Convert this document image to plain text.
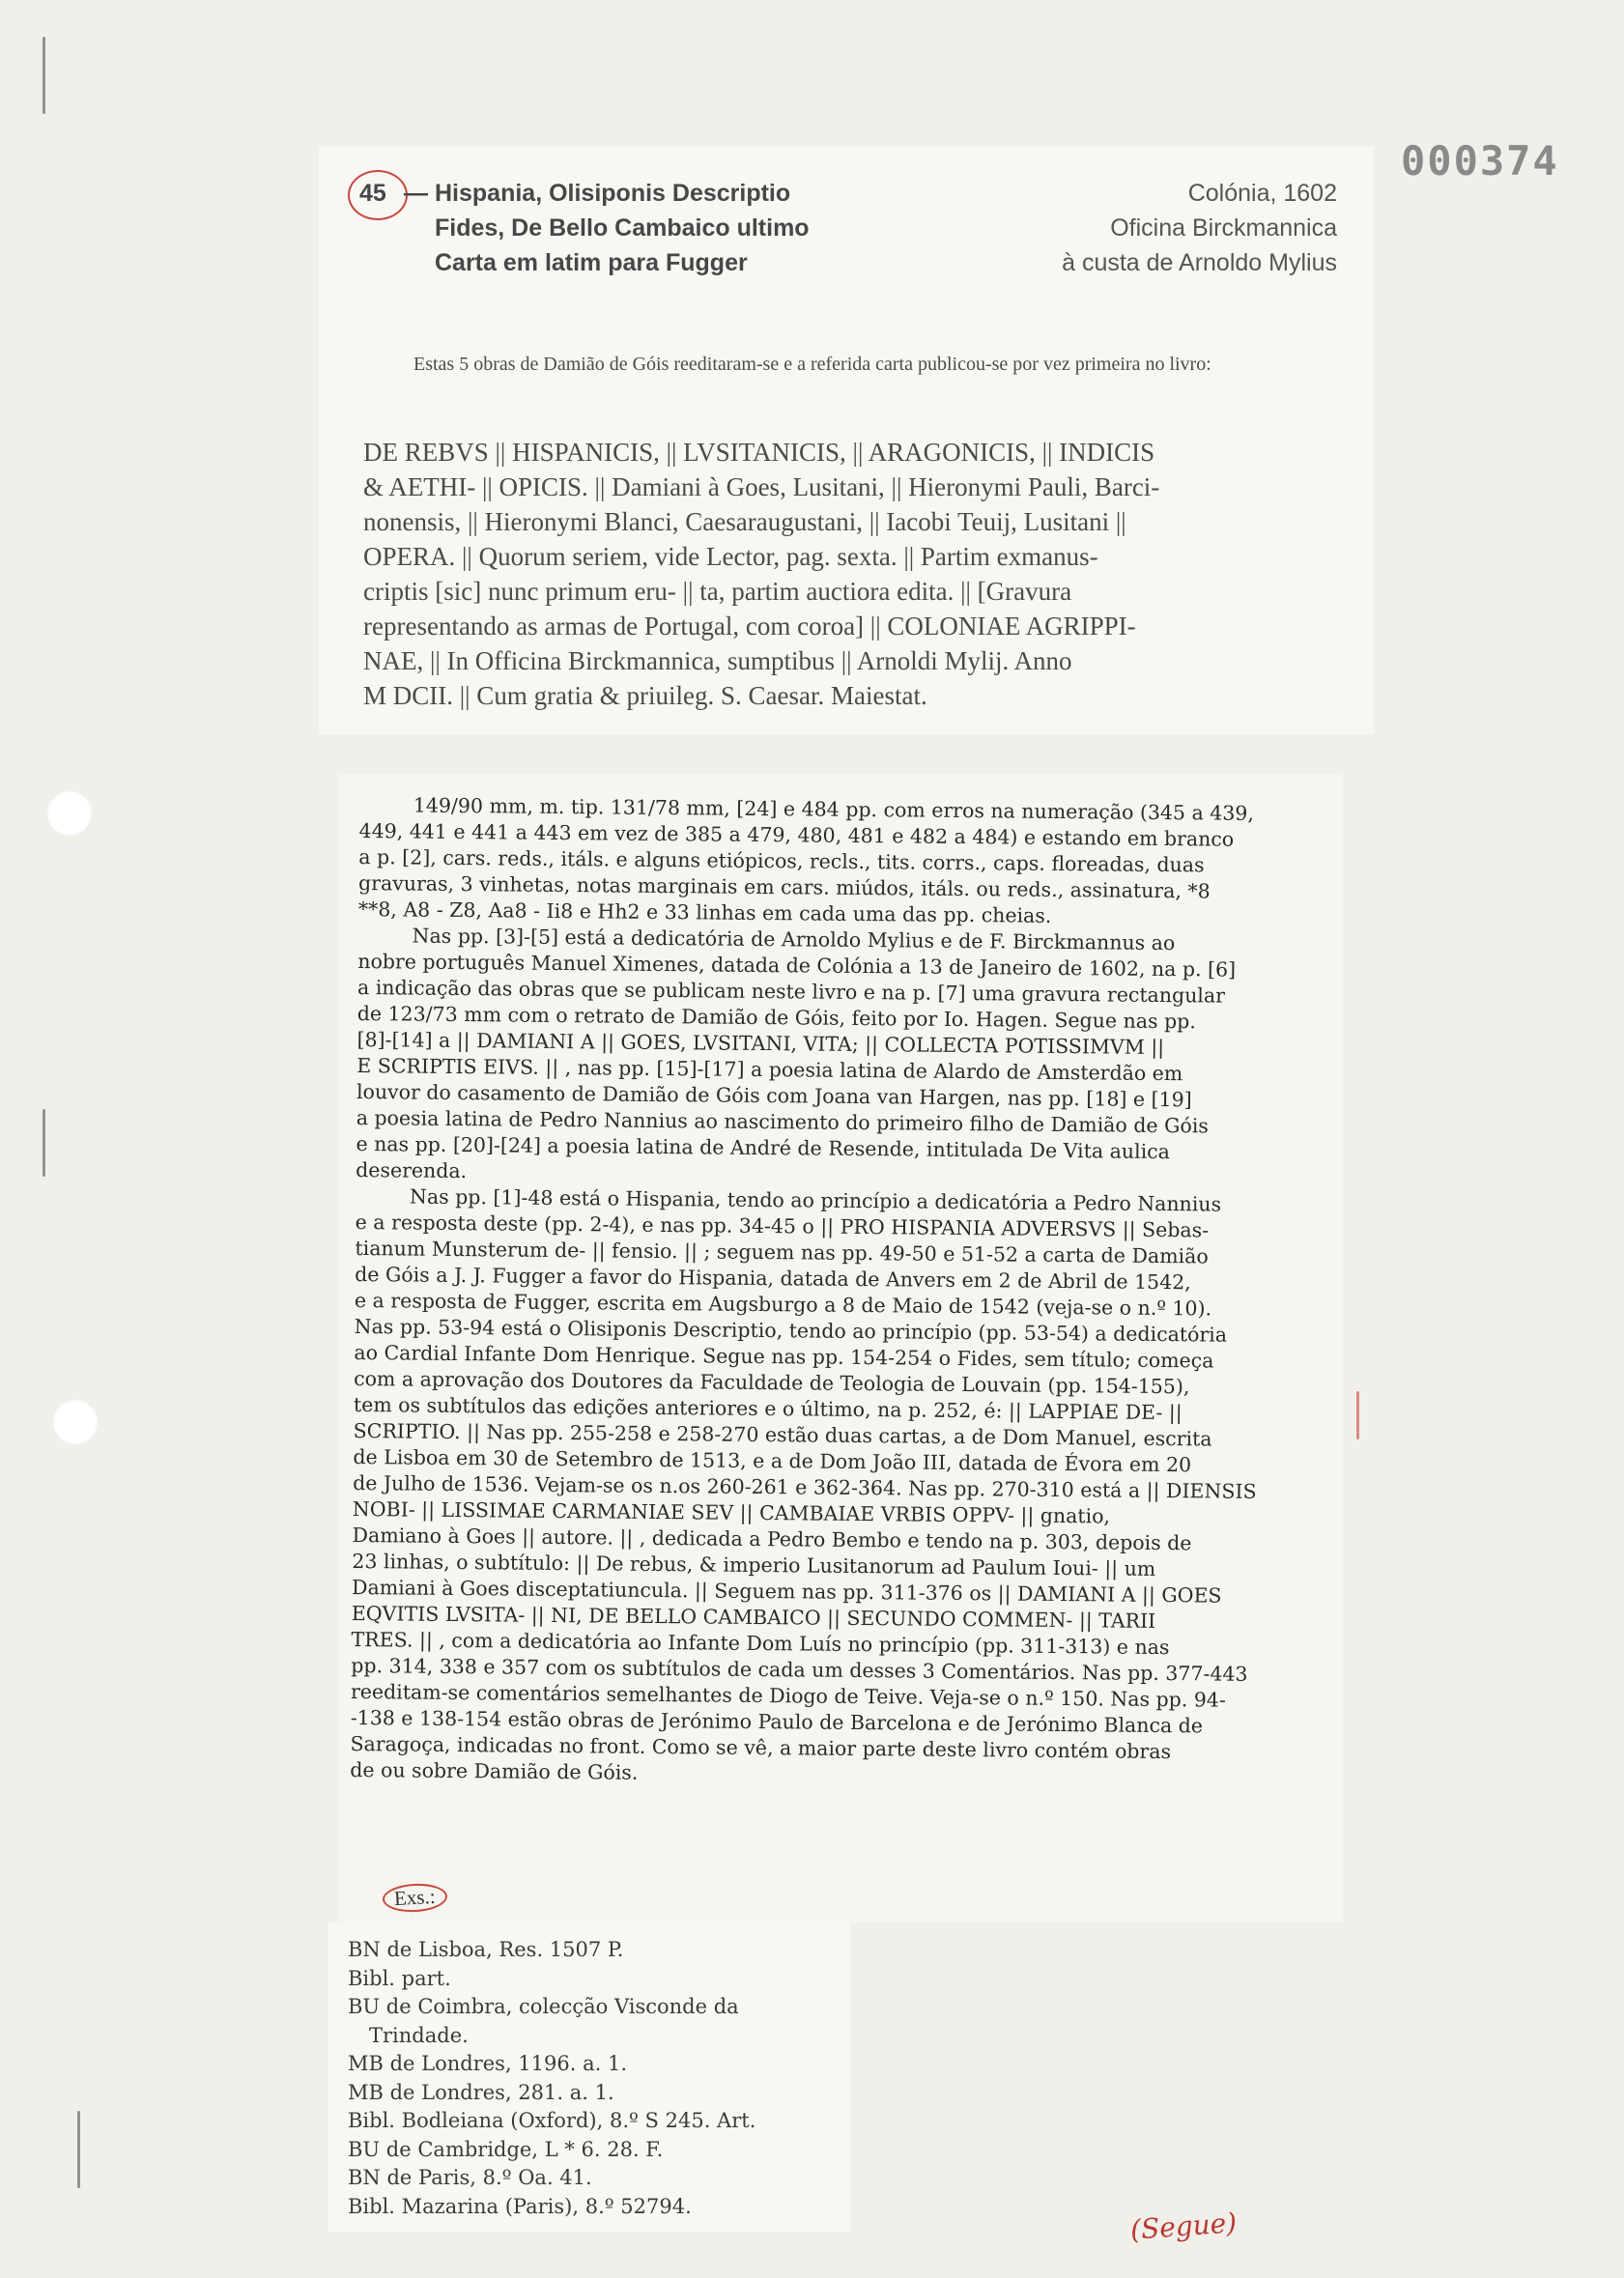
000374
45 — Hispania, Olisiponis Descriptio	Colónia, 1602
Fides, De Bello Cambaico ultimo	Oficina Birckmannica
Carta em latim para Fugger	à custa de Arnoldo Mylius
Estas 5 obras de Damião de Góis reeditaram-se e a referida carta publicou-se por vez primeira no livro:

DE REBVS || HISPANICIS, || LVSITANICIS, || ARAGONICIS, || INDICIS

& AETHI- || OPICIS. || Damiani à Goes, Lusitani, || Hieronymi Pauli, Barci-

nonensis, || Hieronymi Blanci, Caesaraugustani, || Iacobi Teuij, Lusitani ||

OPERA. || Quorum seriem, vide Lector, pag. sexta. || Partim exmanus-

criptis [sic] nunc primum eru- || ta, partim auctiora edita. || [Gravura

representando as armas de Portugal, com coroa] || COLONIAE AGRIPPI-

NAE, || In Officina Birckmannica, sumptibus || Arnoldi Mylij. Anno

M DCII. || Cum gratia & priuileg. S. Caesar. Maiestat.

149/90 mm, m. tip. 131/78 mm, [24] e 484 pp. com erros na numeração (345 a 439,

449, 441 e 441 a 443 em vez de 385 a 479, 480, 481 e 482 a 484) e estando em branco

a p. [2], cars. reds., itáls. e alguns etiópicos, recls., tits. corrs., caps. floreadas, duas

gravuras, 3 vinhetas, notas marginais em cars. miúdos, itáls. ou reds., assinatura, *8

**8, A8 - Z8, Aa8 - Ii8 e Hh2 e 33 linhas em cada uma das pp. cheias.

Nas pp. [3]-[5] está a dedicatória de Arnoldo Mylius e de F. Birckmannus ao

nobre português Manuel Ximenes, datada de Colónia a 13 de Janeiro de 1602, na p. [6]

a indicação das obras que se publicam neste livro e na p. [7] uma gravura rectangular

de 123/73 mm com o retrato de Damião de Góis, feito por Io. Hagen. Segue nas pp.

[8]-[14] a || DAMIANI A || GOES, LVSITANI, VITA; || COLLECTA POTISSIMVM ||

E SCRIPTIS EIVS. || , nas pp. [15]-[17] a poesia latina de Alardo de Amsterdão em

louvor do casamento de Damião de Góis com Joana van Hargen, nas pp. [18] e [19]

a poesia latina de Pedro Nannius ao nascimento do primeiro filho de Damião de Góis

e nas pp. [20]-[24] a poesia latina de André de Resende, intitulada De Vita aulica

deserenda.

Nas pp. [1]-48 está o Hispania, tendo ao princípio a dedicatória a Pedro Nannius

e a resposta deste (pp. 2-4), e nas pp. 34-45 o || PRO HISPANIA ADVERSVS || Sebas-

tianum Munsterum de- || fensio. || ; seguem nas pp. 49-50 e 51-52 a carta de Damião

de Góis a J. J. Fugger a favor do Hispania, datada de Anvers em 2 de Abril de 1542,

e a resposta de Fugger, escrita em Augsburgo a 8 de Maio de 1542 (veja-se o n.º 10).

Nas pp. 53-94 está o Olisiponis Descriptio, tendo ao princípio (pp. 53-54) a dedicatória

ao Cardial Infante Dom Henrique. Segue nas pp. 154-254 o Fides, sem título; começa

com a aprovação dos Doutores da Faculdade de Teologia de Louvain (pp. 154-155),

tem os subtítulos das edições anteriores e o último, na p. 252, é: || LAPPIAE DE- ||

SCRIPTIO. || Nas pp. 255-258 e 258-270 estão duas cartas, a de Dom Manuel, escrita

de Lisboa em 30 de Setembro de 1513, e a de Dom João III, datada de Évora em 20

de Julho de 1536. Vejam-se os n.os 260-261 e 362-364. Nas pp. 270-310 está a || DIENSIS

NOBI- || LISSIMAE CARMANIAE SEV || CAMBAIAE VRBIS OPPV- || gnatio,

Damiano à Goes || autore. || , dedicada a Pedro Bembo e tendo na p. 303, depois de

23 linhas, o subtítulo: || De rebus, & imperio Lusitanorum ad Paulum Ioui- || um

Damiani à Goes disceptatiuncula. || Seguem nas pp. 311-376 os || DAMIANI A || GOES

EQVITIS LVSITA- || NI, DE BELLO CAMBAICO || SECUNDO COMMEN- || TARII

TRES. || , com a dedicatória ao Infante Dom Luís no princípio (pp. 311-313) e nas

pp. 314, 338 e 357 com os subtítulos de cada um desses 3 Comentários. Nas pp. 377-443

reeditam-se comentários semelhantes de Diogo de Teive. Veja-se o n.º 150. Nas pp. 94-

-138 e 138-154 estão obras de Jerónimo Paulo de Barcelona e de Jerónimo Blanca de

Saragoça, indicadas no front. Como se vê, a maior parte deste livro contém obras

de ou sobre Damião de Góis.

Exs.:

BN de Lisboa, Res. 1507 P.

Bibl. part.

BU de Coimbra, colecção Visconde da

Trindade.

MB de Londres, 1196. a. 1.

MB de Londres, 281. a. 1.

Bibl. Bodleiana (Oxford), 8.º S 245. Art.

BU de Cambridge, L * 6. 28. F.

BN de Paris, 8.º Oa. 41.

Bibl. Mazarina (Paris), 8.º 52794.

(Segue)
